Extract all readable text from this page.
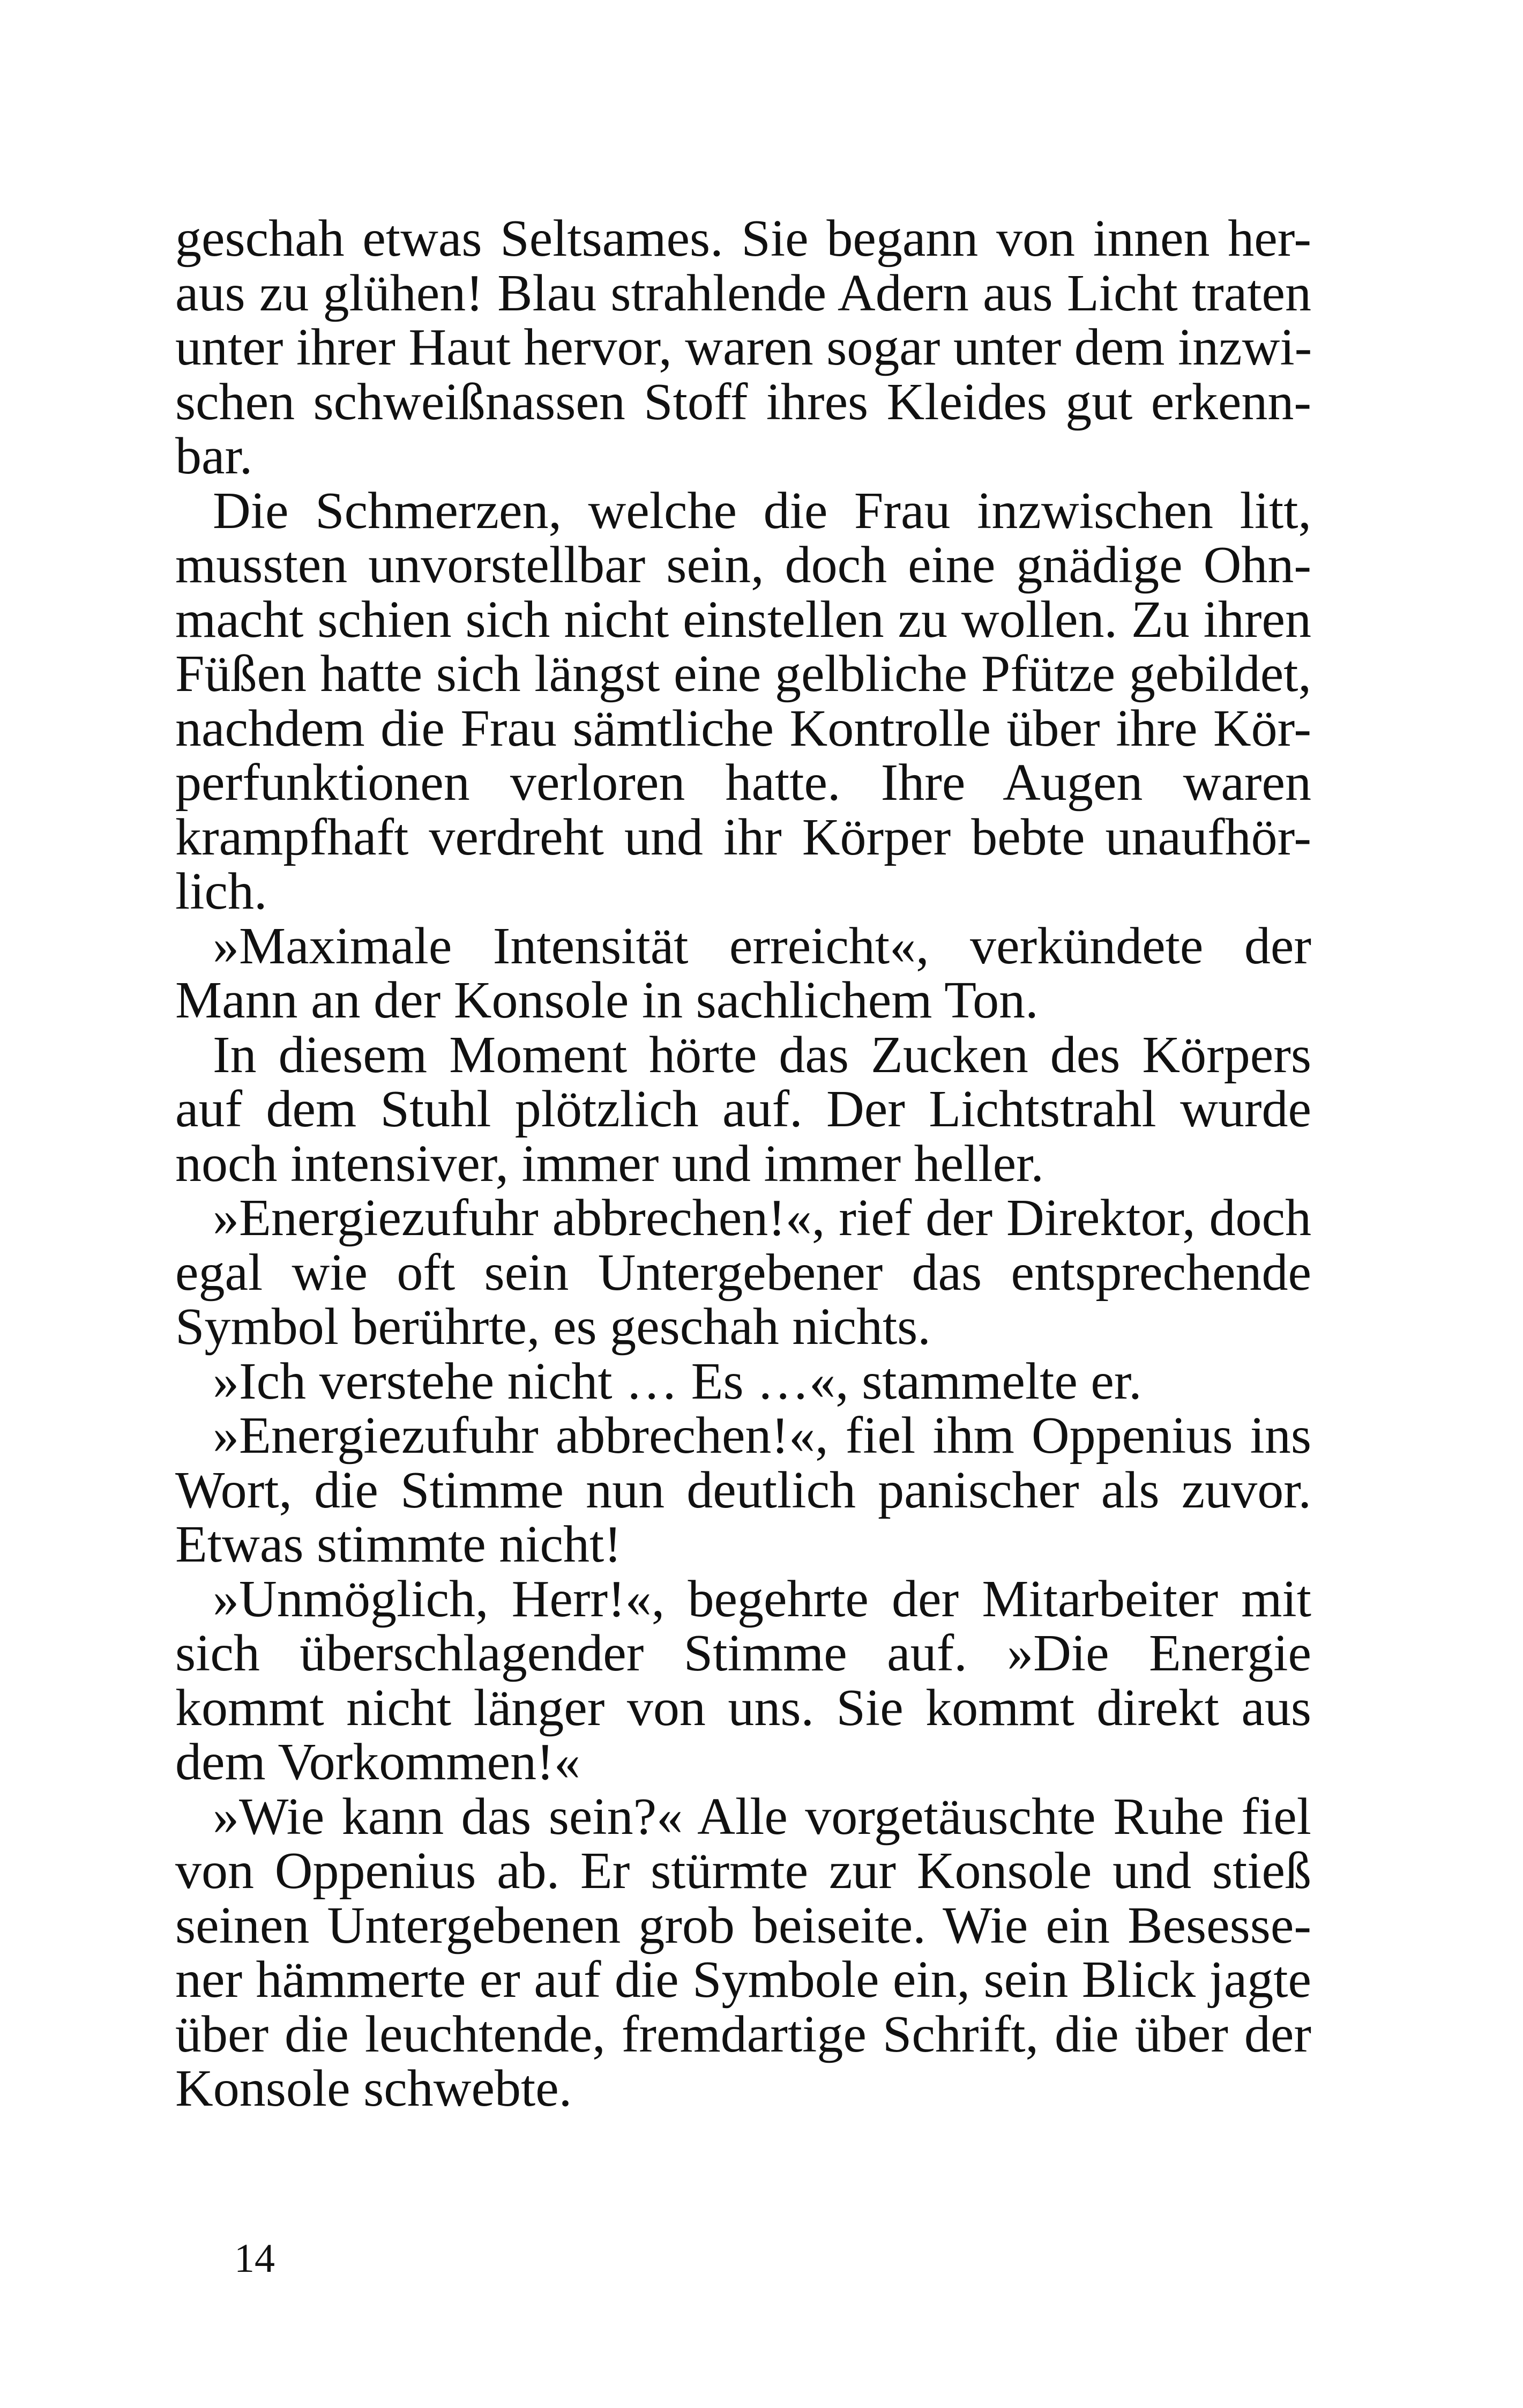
geschah etwas Seltsames. Sie begann von innen her-
aus zu glühen! Blau strahlende Adern aus Licht traten
unter ihrer Haut hervor, waren sogar unter dem inzwi-
schen schweißnassen Stoff ihres Kleides gut erkenn-
bar.
Die Schmerzen, welche die Frau inzwischen litt,
mussten unvorstellbar sein, doch eine gnädige Ohn-
macht schien sich nicht einstellen zu wollen. Zu ihren
Füßen hatte sich längst eine gelbliche Pfütze gebildet,
nachdem die Frau sämtliche Kontrolle über ihre Kör-
perfunktionen verloren hatte. Ihre Augen waren
krampfhaft verdreht und ihr Körper bebte unaufhör-
lich.
»Maximale Intensität erreicht«, verkündete der
Mann an der Konsole in sachlichem Ton.
In diesem Moment hörte das Zucken des Körpers
auf dem Stuhl plötzlich auf. Der Lichtstrahl wurde
noch intensiver, immer und immer heller.
»Energiezufuhr abbrechen!«, rief der Direktor, doch
egal wie oft sein Untergebener das entsprechende
Symbol berührte, es geschah nichts.
»Ich verstehe nicht … Es …«, stammelte er.
»Energiezufuhr abbrechen!«, fiel ihm Oppenius ins
Wort, die Stimme nun deutlich panischer als zuvor.
Etwas stimmte nicht!
»Unmöglich, Herr!«, begehrte der Mitarbeiter mit
sich überschlagender Stimme auf. »Die Energie
kommt nicht länger von uns. Sie kommt direkt aus
dem Vorkommen!«
»Wie kann das sein?« Alle vorgetäuschte Ruhe fiel
von Oppenius ab. Er stürmte zur Konsole und stieß
seinen Untergebenen grob beiseite. Wie ein Besesse-
ner hämmerte er auf die Symbole ein, sein Blick jagte
über die leuchtende, fremdartige Schrift, die über der
Konsole schwebte.
14
